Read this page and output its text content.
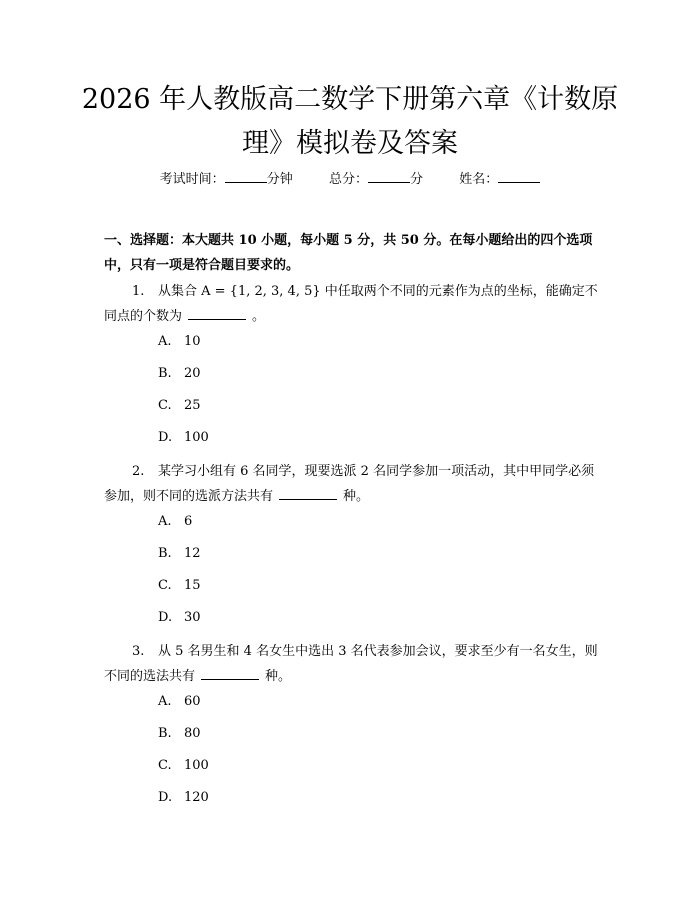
2026 年人教版高二数学下册第六章《计数原
理》模拟卷及答案
考试时间：	分钟	总分：	分	姓名：
一、选择题：本大题共 10 小题，每小题 5 分，共 50 分。在每小题给出的四个选项中，只有一项是符合题目要求的。
1. 从集合 A = {1, 2, 3, 4, 5} 中任取两个不同的元素作为点的坐标，能确定不同点的个数为	。
A. 10
B. 20
C. 25
D. 100
2. 某学习小组有 6 名同学，现要选派 2 名同学参加一项活动，其中甲同学必须参加，则不同的选派方法共有	种。
A. 6
B. 12
C. 15
D. 30
3. 从 5 名男生和 4 名女生中选出 3 名代表参加会议，要求至少有一名女生，则不同的选法共有	种。
A. 60
B. 80
C. 100
D. 120
